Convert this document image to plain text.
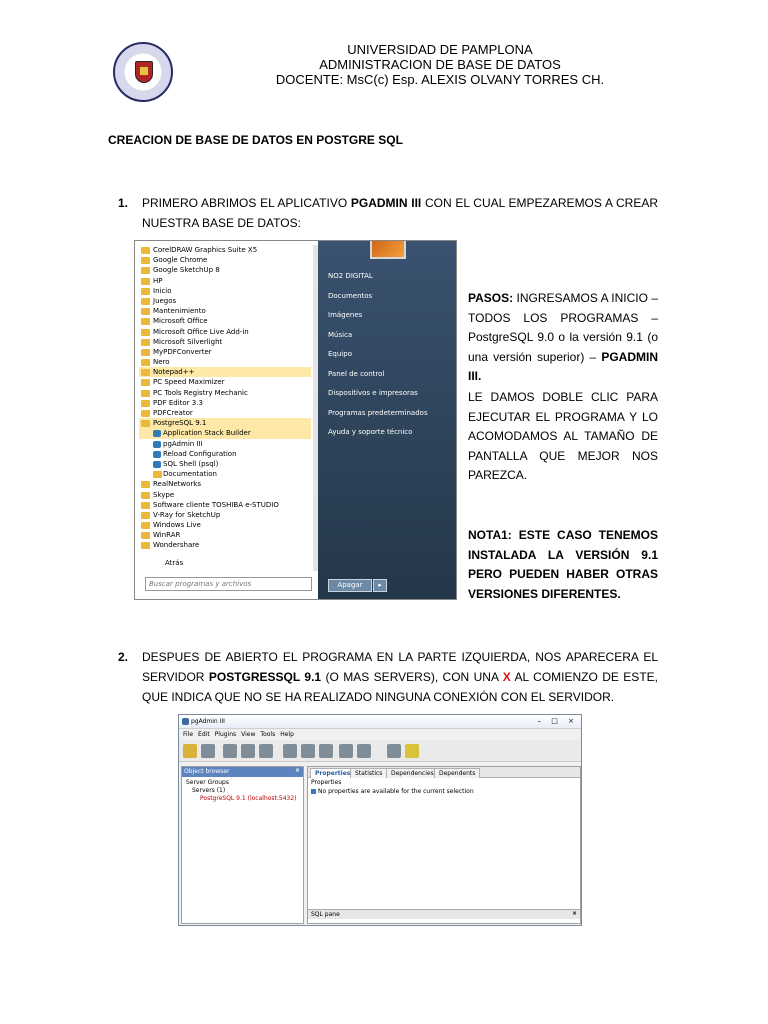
UNIVERSIDAD DE PAMPLONA
ADMINISTRACION DE BASE DE DATOS
DOCENTE: MsC(c) Esp. ALEXIS OLVANY TORRES CH.
CREACION DE BASE DE DATOS EN POSTGRE SQL
1. PRIMERO ABRIMOS EL APLICATIVO PGADMIN III CON EL CUAL EMPEZAREMOS A CREAR NUESTRA BASE DE DATOS:
CorelDRAW Graphics Suite X5
Google Chrome
Google SketchUp 8
HP
Inicio
Juegos
Mantenimiento
Microsoft Office
Microsoft Office Live Add-in
Microsoft Silverlight
MyPDFConverter
Nero
Notepad++
PC Speed Maximizer
PC Tools Registry Mechanic
PDF Editor 3.3
PDFCreator
PostgreSQL 9.1
Application Stack Builder
pgAdmin III
Reload Configuration
SQL Shell (psql)
Documentation
RealNetworks
Skype
Software cliente TOSHIBA e-STUDIO
V-Ray for SketchUp
Windows Live
WinRAR
Wondershare
Atrás
Buscar programas y archivos
NO2 DIGITAL
Documentos
Imágenes
Música
Equipo
Panel de control
Dispositivos e impresoras
Programas predeterminados
Ayuda y soporte técnico
Apagar	▸
PASOS: INGRESAMOS A INICIO – TODOS LOS PROGRAMAS – PostgreSQL 9.0 o la versión 9.1 (o una versión superior) – PGADMIN III.
LE DAMOS DOBLE CLIC PARA EJECUTAR EL PROGRAMA Y LO ACOMODAMOS AL TAMAÑO DE PANTALLA QUE MEJOR NOS PAREZCA.
NOTA1: ESTE CASO TENEMOS INSTALADA LA VERSIÓN 9.1 PERO PUEDEN HABER OTRAS VERSIONES DIFERENTES.
2. DESPUES DE ABIERTO EL PROGRAMA EN LA PARTE IZQUIERDA, NOS APARECERA EL SERVIDOR POSTGRESSQL 9.1 (O MAS SERVERS), CON UNA X AL COMIENZO DE ESTE, QUE INDICA QUE NO SE HA REALIZADO NINGUNA CONEXIÓN CON EL SERVIDOR.
pgAdmin III	– □ ×
File Edit Plugins View Tools Help
Object browser	×
Server Groups
Servers (1)
PostgreSQL 9.1 (localhost:5432)
Properties Statistics	Dependencies Dependents
Properties
No properties are available for the current selection
SQL pane	×
